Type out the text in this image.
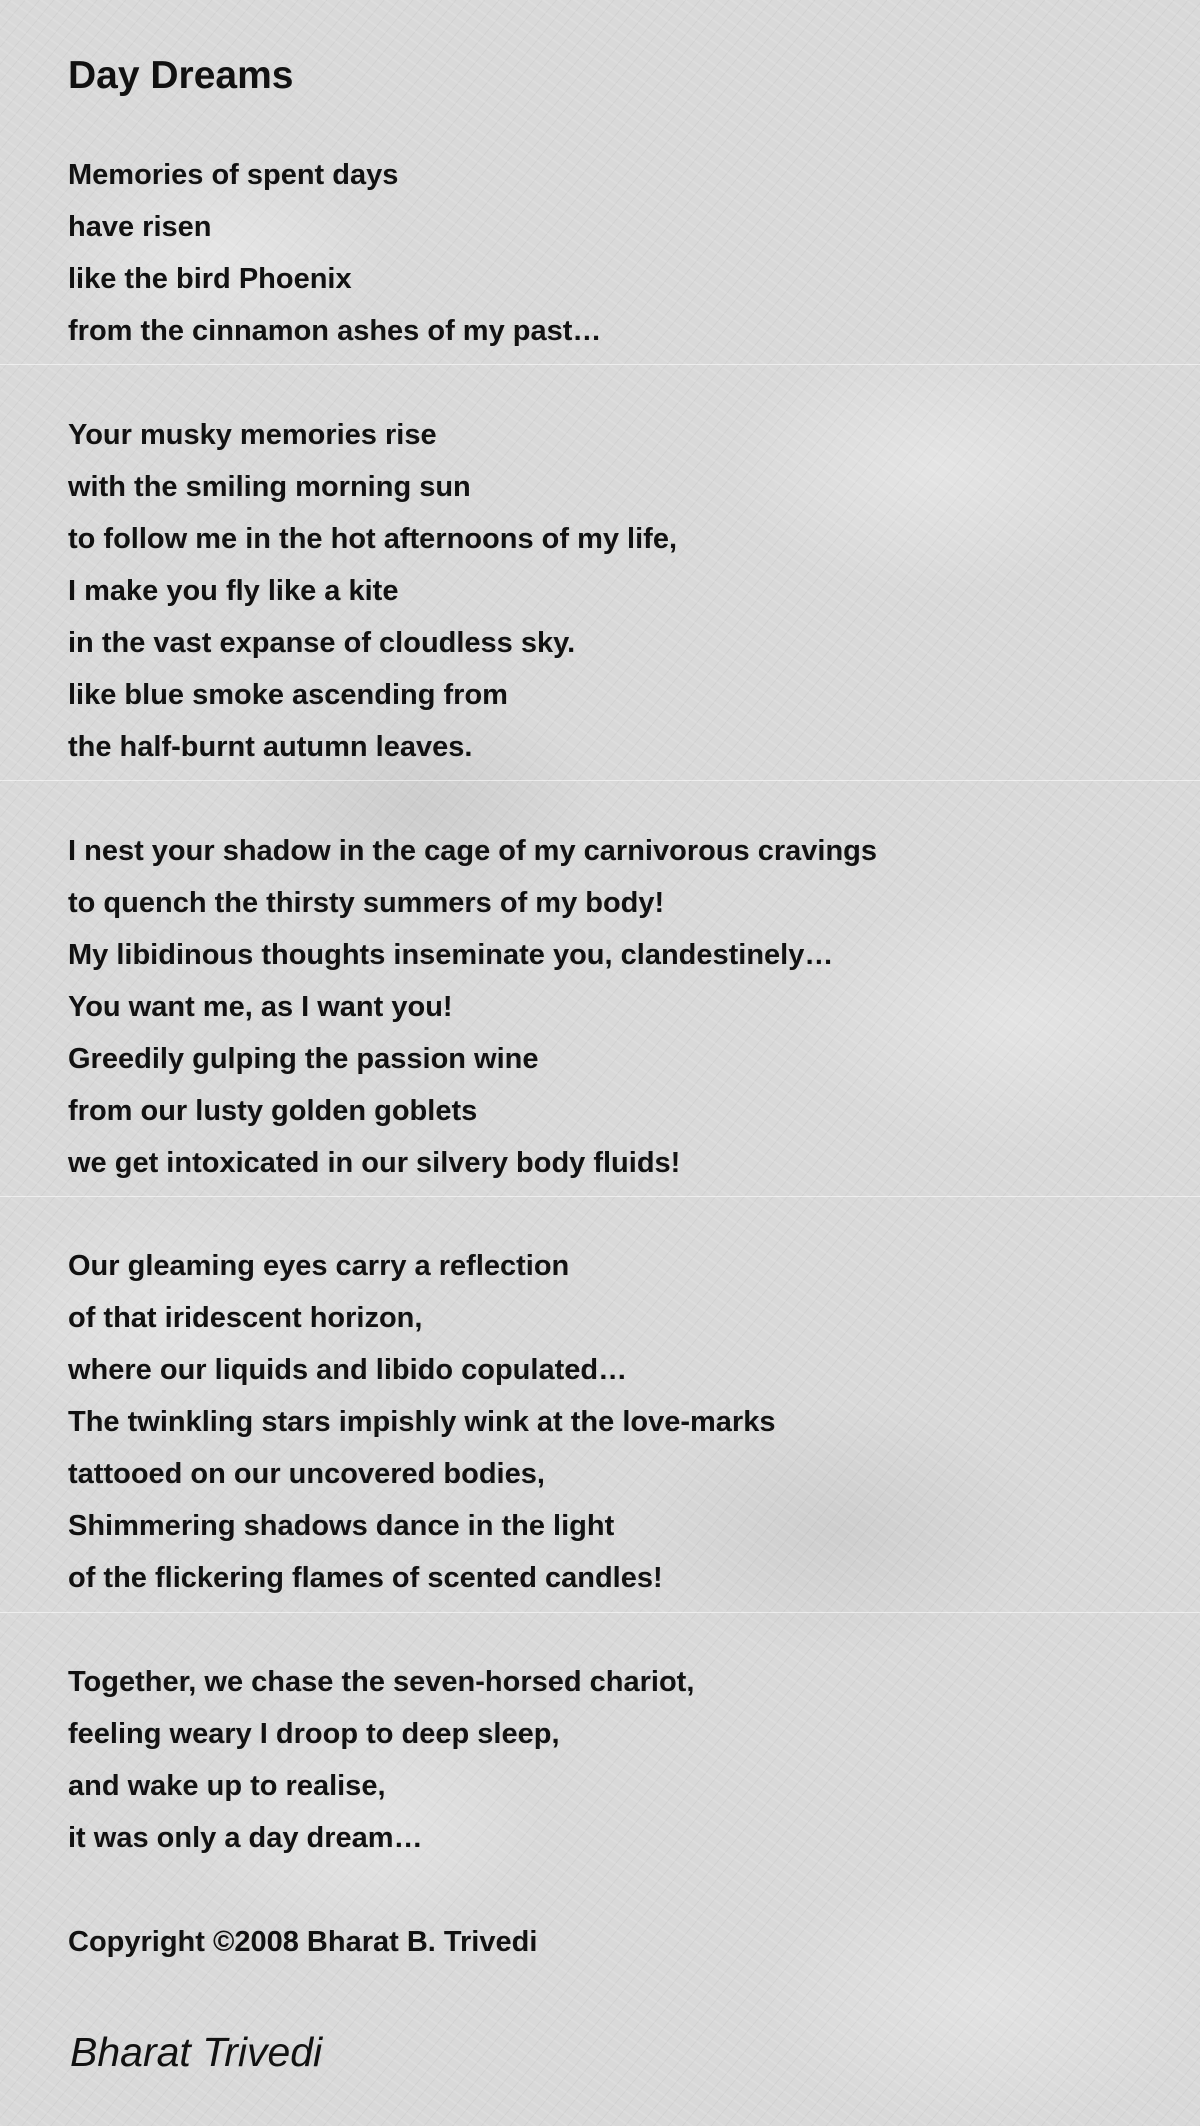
Day Dreams
Memories of spent days
have risen
like the bird Phoenix
from the cinnamon ashes of my past…
Your musky memories rise
with the smiling morning sun
to follow me in the hot afternoons of my life,
I make you fly like a kite
in the vast expanse of cloudless sky.
like blue smoke ascending from
the half-burnt autumn leaves.
I nest your shadow in the cage of my carnivorous cravings
to quench the thirsty summers of my body!
My libidinous thoughts inseminate you, clandestinely…
You want me, as I want you!
Greedily gulping the passion wine
from our lusty golden goblets
we get intoxicated in our silvery body fluids!
Our gleaming eyes carry a reflection
of that iridescent horizon,
where our liquids and libido copulated…
The twinkling stars impishly wink at the love-marks
tattooed on our uncovered bodies,
Shimmering shadows dance in the light
of the flickering flames of scented candles!
Together, we chase the seven-horsed chariot,
feeling weary I droop to deep sleep,
and wake up to realise,
it was only a day dream…
Copyright ©2008 Bharat B. Trivedi
Bharat Trivedi
